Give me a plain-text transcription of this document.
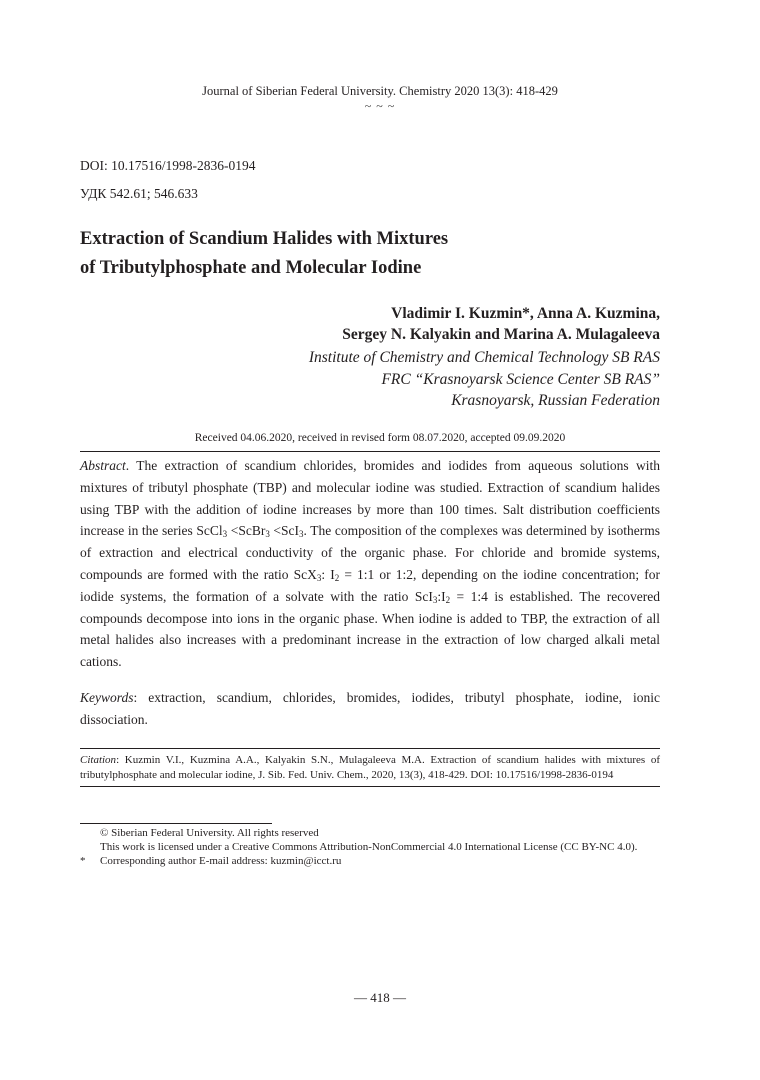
Journal of Siberian Federal University. Chemistry 2020 13(3): 418-429
~ ~ ~
DOI: 10.17516/1998-2836-0194
УДК 542.61; 546.633
Extraction of Scandium Halides with Mixtures
of Tributylphosphate and Molecular Iodine
Vladimir I. Kuzmin*, Anna A. Kuzmina,
Sergey N. Kalyakin and Marina A. Mulagaleeva
Institute of Chemistry and Chemical Technology SB RAS
FRC “Krasnoyarsk Science Center SB RAS”
Krasnoyarsk, Russian Federation
Received 04.06.2020, received in revised form 08.07.2020, accepted 09.09.2020

Abstract. The extraction of scandium chlorides, bromides and iodides from aqueous solutions with mixtures of tributyl phosphate (TBP) and molecular iodine was studied. Extraction of scandium halides using TBP with the addition of iodine increases by more than 100 times. Salt distribution coefficients increase in the series ScCl$_3$ <ScBr$_3$ <ScI$_3$. The composition of the complexes was determined by isotherms of extraction and electrical conductivity of the organic phase. For chloride and bromide systems, compounds are formed with the ratio ScX$_3$: $I_2$ = 1:1 or 1:2, depending on the iodine concentration; for iodide systems, the formation of a solvate with the ratio $ScI_3:I_2$ = 1:4 is established. The recovered compounds decompose into ions in the organic phase. When iodine is added to TBP, the extraction of all metal halides also increases with a predominant increase in the extraction of low charged alkali metal cations.

Keywords: extraction, scandium, chlorides, bromides, iodides, tributyl phosphate, iodine, ionic dissociation.

Citation: Kuzmin V.I., Kuzmina A.A., Kalyakin S.N., Mulagaleeva M.A. Extraction of scandium halides with mixtures of tributylphosphate and molecular iodine, J. Sib. Fed. Univ. Chem., 2020, 13(3), 418-429. DOI: 10.17516/1998-2836-0194
© Siberian Federal University. All rights reserved
This work is licensed under a Creative Commons Attribution-NonCommercial 4.0 International License (CC BY-NC 4.0).
* Corresponding author E-mail address: kuzmin@icct.ru
― 418 ―
